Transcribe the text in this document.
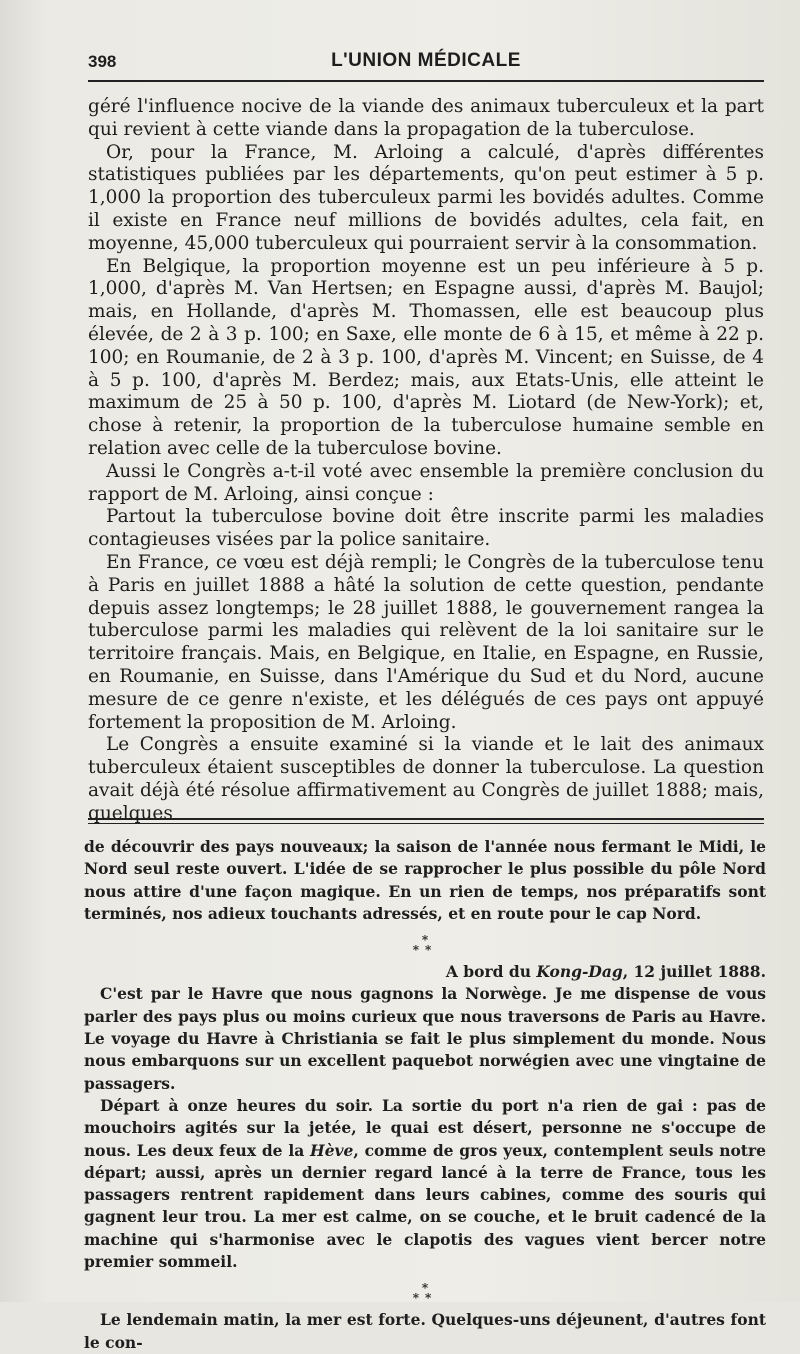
398	L'UNION MÉDICALE

géré l'influence nocive de la viande des animaux tuberculeux et la part qui revient à cette viande dans la propagation de la tuberculose.

Or, pour la France, M. Arloing a calculé, d'après différentes statistiques publiées par les départements, qu'on peut estimer à 5 p. 1,000 la proportion des tuberculeux parmi les bovidés adultes. Comme il existe en France neuf millions de bovidés adultes, cela fait, en moyenne, 45,000 tuberculeux qui pourraient servir à la consommation.

En Belgique, la proportion moyenne est un peu inférieure à 5 p. 1,000, d'après M. Van Hertsen; en Espagne aussi, d'après M. Baujol; mais, en Hollande, d'après M. Thomassen, elle est beaucoup plus élevée, de 2 à 3 p. 100; en Saxe, elle monte de 6 à 15, et même à 22 p. 100; en Roumanie, de 2 à 3 p. 100, d'après M. Vincent; en Suisse, de 4 à 5 p. 100, d'après M. Berdez; mais, aux Etats-Unis, elle atteint le maximum de 25 à 50 p. 100, d'après M. Liotard (de New-York); et, chose à retenir, la proportion de la tuberculose humaine semble en relation avec celle de la tuberculose bovine.

Aussi le Congrès a-t-il voté avec ensemble la première conclusion du rapport de M. Arloing, ainsi conçue :

Partout la tuberculose bovine doit être inscrite parmi les maladies contagieuses visées par la police sanitaire.

En France, ce vœu est déjà rempli; le Congrès de la tuberculose tenu à Paris en juillet 1888 a hâté la solution de cette question, pendante depuis assez longtemps; le 28 juillet 1888, le gouvernement rangea la tuberculose parmi les maladies qui relèvent de la loi sanitaire sur le territoire français. Mais, en Belgique, en Italie, en Espagne, en Russie, en Roumanie, en Suisse, dans l'Amérique du Sud et du Nord, aucune mesure de ce genre n'existe, et les délégués de ces pays ont appuyé fortement la proposition de M. Arloing.

Le Congrès a ensuite examiné si la viande et le lait des animaux tuberculeux étaient susceptibles de donner la tuberculose. La question avait déjà été résolue affirmativement au Congrès de juillet 1888; mais, quelques

de découvrir des pays nouveaux; la saison de l'année nous fermant le Midi, le Nord seul reste ouvert. L'idée de se rapprocher le plus possible du pôle Nord nous attire d'une façon magique. En un rien de temps, nos préparatifs sont terminés, nos adieux touchants adressés, et en route pour le cap Nord.

*
**

A bord du Kong-Dag, 12 juillet 1888.

C'est par le Havre que nous gagnons la Norwège. Je me dispense de vous parler des pays plus ou moins curieux que nous traversons de Paris au Havre. Le voyage du Havre à Christiania se fait le plus simplement du monde. Nous nous embarquons sur un excellent paquebot norwégien avec une vingtaine de passagers.

Départ à onze heures du soir. La sortie du port n'a rien de gai : pas de mouchoirs agités sur la jetée, le quai est désert, personne ne s'occupe de nous. Les deux feux de la Hève, comme de gros yeux, contemplent seuls notre départ; aussi, après un dernier regard lancé à la terre de France, tous les passagers rentrent rapidement dans leurs cabines, comme des souris qui gagnent leur trou. La mer est calme, on se couche, et le bruit cadencé de la machine qui s'harmonise avec le clapotis des vagues vient bercer notre premier sommeil.

*
**

Le lendemain matin, la mer est forte. Quelques-uns déjeunent, d'autres font le con-
